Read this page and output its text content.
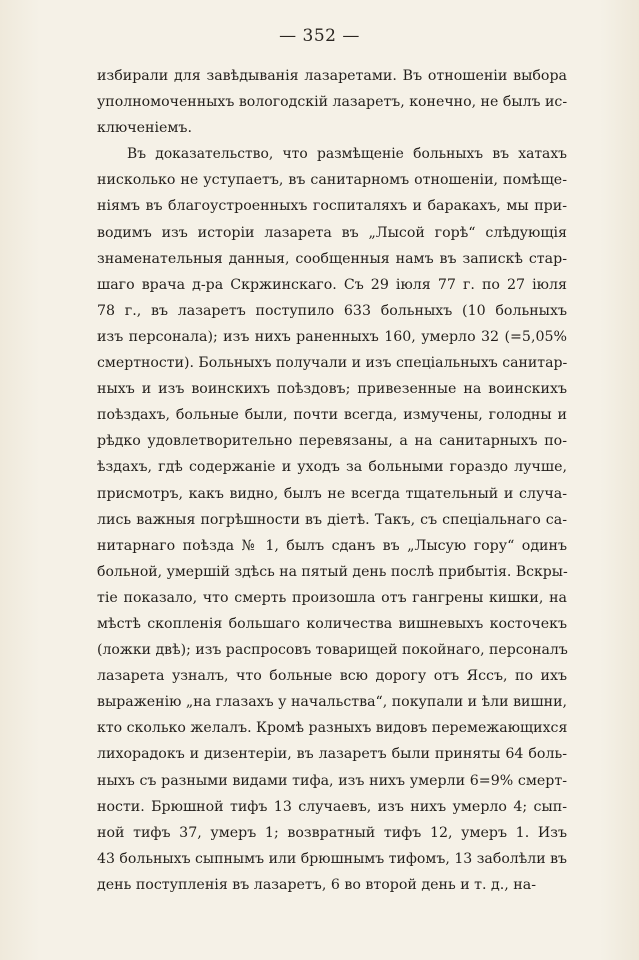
— 352 —
избирали для завѣдыванія лазаретами. Въ отношеніи выбора
уполномоченныхъ вологодскій лазаретъ, конечно, не былъ ис-
ключеніемъ.
Въ доказательство, что размѣщеніе больныхъ въ хатахъ
нисколько не уступаетъ, въ санитарномъ отношеніи, помѣще-
ніямъ въ благоустроенныхъ госпиталяхъ и баракахъ, мы при-
водимъ изъ исторіи лазарета въ „Лысой горѣ“ слѣдующія
знаменательныя данныя, сообщенныя намъ въ запискѣ стар-
шаго врача д-ра Скржинскаго. Съ 29 іюля 77 г. по 27 іюля
78 г., въ лазаретъ поступило 633 больныхъ (10 больныхъ
изъ персонала); изъ нихъ раненныхъ 160, умерло 32 (=5,05%
смертности). Больныхъ получали и изъ спеціальныхъ санитар-
ныхъ и изъ воинскихъ поѣздовъ; привезенные на воинскихъ
поѣздахъ, больные были, почти всегда, измучены, голодны и
рѣдко удовлетворительно перевязаны, а на санитарныхъ по-
ѣздахъ, гдѣ содержаніе и уходъ за больными гораздо лучше,
присмотръ, какъ видно, былъ не всегда тщательный и случа-
лись важныя погрѣшности въ діетѣ. Такъ, съ спеціальнаго са-
нитарнаго поѣзда № 1, былъ сданъ въ „Лысую гору“ одинъ
больной, умершій здѣсь на пятый день послѣ прибытія. Вскры-
тіе показало, что смерть произошла отъ гангрены кишки, на
мѣстѣ скопленія большаго количества вишневыхъ косточекъ
(ложки двѣ); изъ распросовъ товарищей покойнаго, персоналъ
лазарета узналъ, что больные всю дорогу отъ Яссъ, по ихъ
выраженію „на глазахъ у начальства“, покупали и ѣли вишни,
кто сколько желалъ. Кромѣ разныхъ видовъ перемежающихся
лихорадокъ и дизентеріи, въ лазаретъ были приняты 64 боль-
ныхъ съ разными видами тифа, изъ нихъ умерли 6=9% смерт-
ности. Брюшной тифъ 13 случаевъ, изъ нихъ умерло 4; сып-
ной тифъ 37, умеръ 1; возвратный тифъ 12, умеръ 1. Изъ
43 больныхъ сыпнымъ или брюшнымъ тифомъ, 13 заболѣли въ
день поступленія въ лазаретъ, 6 во второй день и т. д., на-
